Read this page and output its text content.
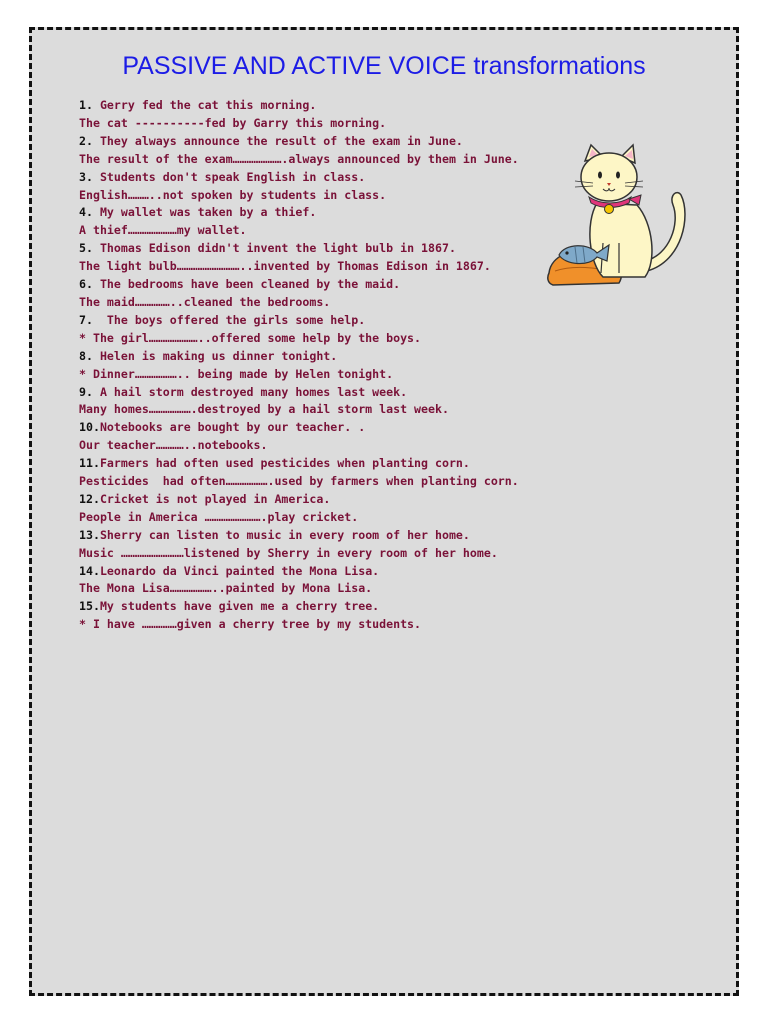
PASSIVE AND ACTIVE VOICE transformations
1. Gerry fed the cat this morning.
The cat ----------fed by Garry this morning.
2. They always announce the result of the exam in June.
The result of the exam………………….always announced by them in June.
3. Students don't speak English in class.
English………..not spoken by students in class.
4. My wallet was taken by a thief.
A thief…………………my wallet.
5. Thomas Edison didn't invent the light bulb in 1867.
The light bulb………………………..invented by Thomas Edison in 1867.
6. The bedrooms have been cleaned by the maid.
The maid……………..cleaned the bedrooms.
7.  The boys offered the girls some help.
* The girl…………………..offered some help by the boys.
8. Helen is making us dinner tonight.
* Dinner……………….. being made by Helen tonight.
9. A hail storm destroyed many homes last week.
Many homes……………….destroyed by a hail storm last week.
10.Notebooks are bought by our teacher. .
Our teacher…………..notebooks.
11.Farmers had often used pesticides when planting corn.
Pesticides  had often……………….used by farmers when planting corn.
12.Cricket is not played in America.
People in America …………………….play cricket.
13.Sherry can listen to music in every room of her home.
Music ………………………listened by Sherry in every room of her home.
14.Leonardo da Vinci painted the Mona Lisa.
The Mona Lisa………………..painted by Mona Lisa.
15.My students have given me a cherry tree.
* I have ……………given a cherry tree by my students.
